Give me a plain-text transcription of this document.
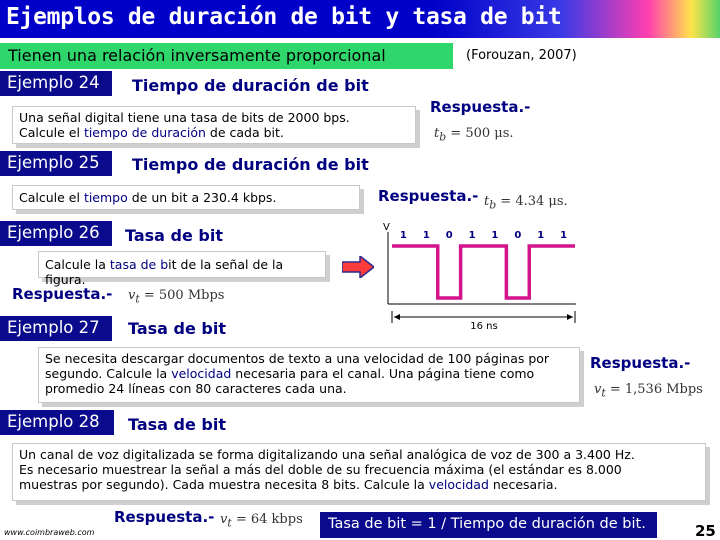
Ejemplos de duración de bit y tasa de bit
Tienen una relación inversamente proporcional	(Forouzan, 2007)
Ejemplo 24	Tiempo de duración de bit
Una señal digital tiene una tasa de bits de 2000 bps.
Calcule el tiempo de duración de cada bit.
Respuesta.-
$t_b = 500$ μs.
Ejemplo 25	Tiempo de duración de bit
Calcule el tiempo de un bit a 230.4 kbps.	Respuesta.- $t_b = 4.34$ μs.
Ejemplo 26	Tasa de bit
Calcule la tasa de bit de la señal de la figura.
Respuesta.- $v_t = 500$ Mbps
V
1 1 0 1 1 0 1 1
16 ns
Ejemplo 27	Tasa de bit
Se necesita descargar documentos de texto a una velocidad de 100 páginas por
segundo. Calcule la velocidad necesaria para el canal. Una página tiene como
promedio 24 líneas con 80 caracteres cada una.
Respuesta.-
$v_t = 1,536$ Mbps
Ejemplo 28	Tasa de bit
Un canal de voz digitalizada se forma digitalizando una señal analógica de voz de 300 a 3.400 Hz.
Es necesario muestrear la señal a más del doble de su frecuencia máxima (el estándar es 8.000
muestras por segundo). Cada muestra necesita 8 bits. Calcule la velocidad necesaria.
Respuesta.- $v_t = 64$ kbps
www.coimbraweb.com
Tasa de bit = 1 / Tiempo de duración de bit.	25
